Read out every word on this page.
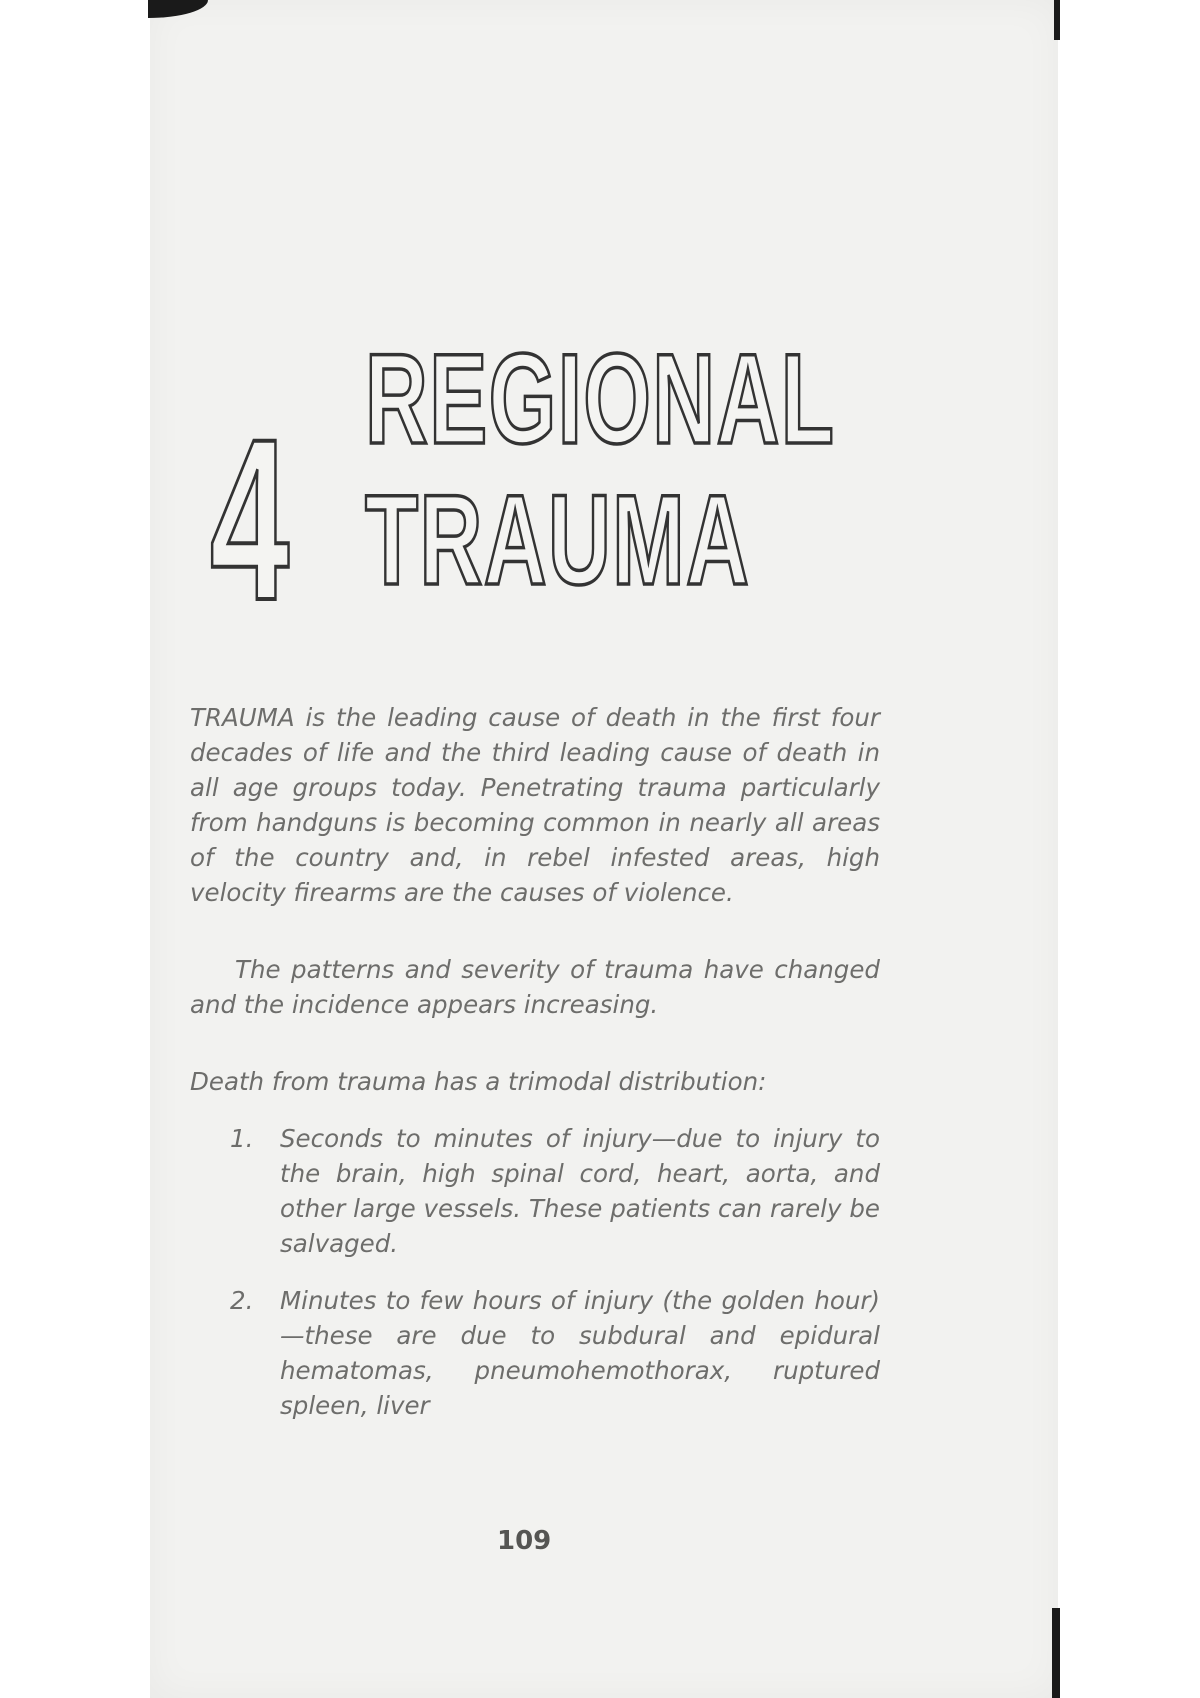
4 REGIONAL
TRAUMA

TRAUMA is the leading cause of death in the first four decades of life and the third leading cause of death in all age groups today. Penetrating trauma particularly from handguns is becoming common in nearly all areas of the country and, in rebel infested areas, high velocity firearms are the causes of violence.

The patterns and severity of trauma have changed and the incidence appears increasing.

Death from trauma has a trimodal distribution:

1. Seconds to minutes of injury—due to injury to the brain, high spinal cord, heart, aorta, and other large vessels. These patients can rarely be salvaged.
2. Minutes to few hours of injury (the golden hour) —these are due to subdural and epidural hematomas, pneumohemothorax, ruptured spleen, liver
109
